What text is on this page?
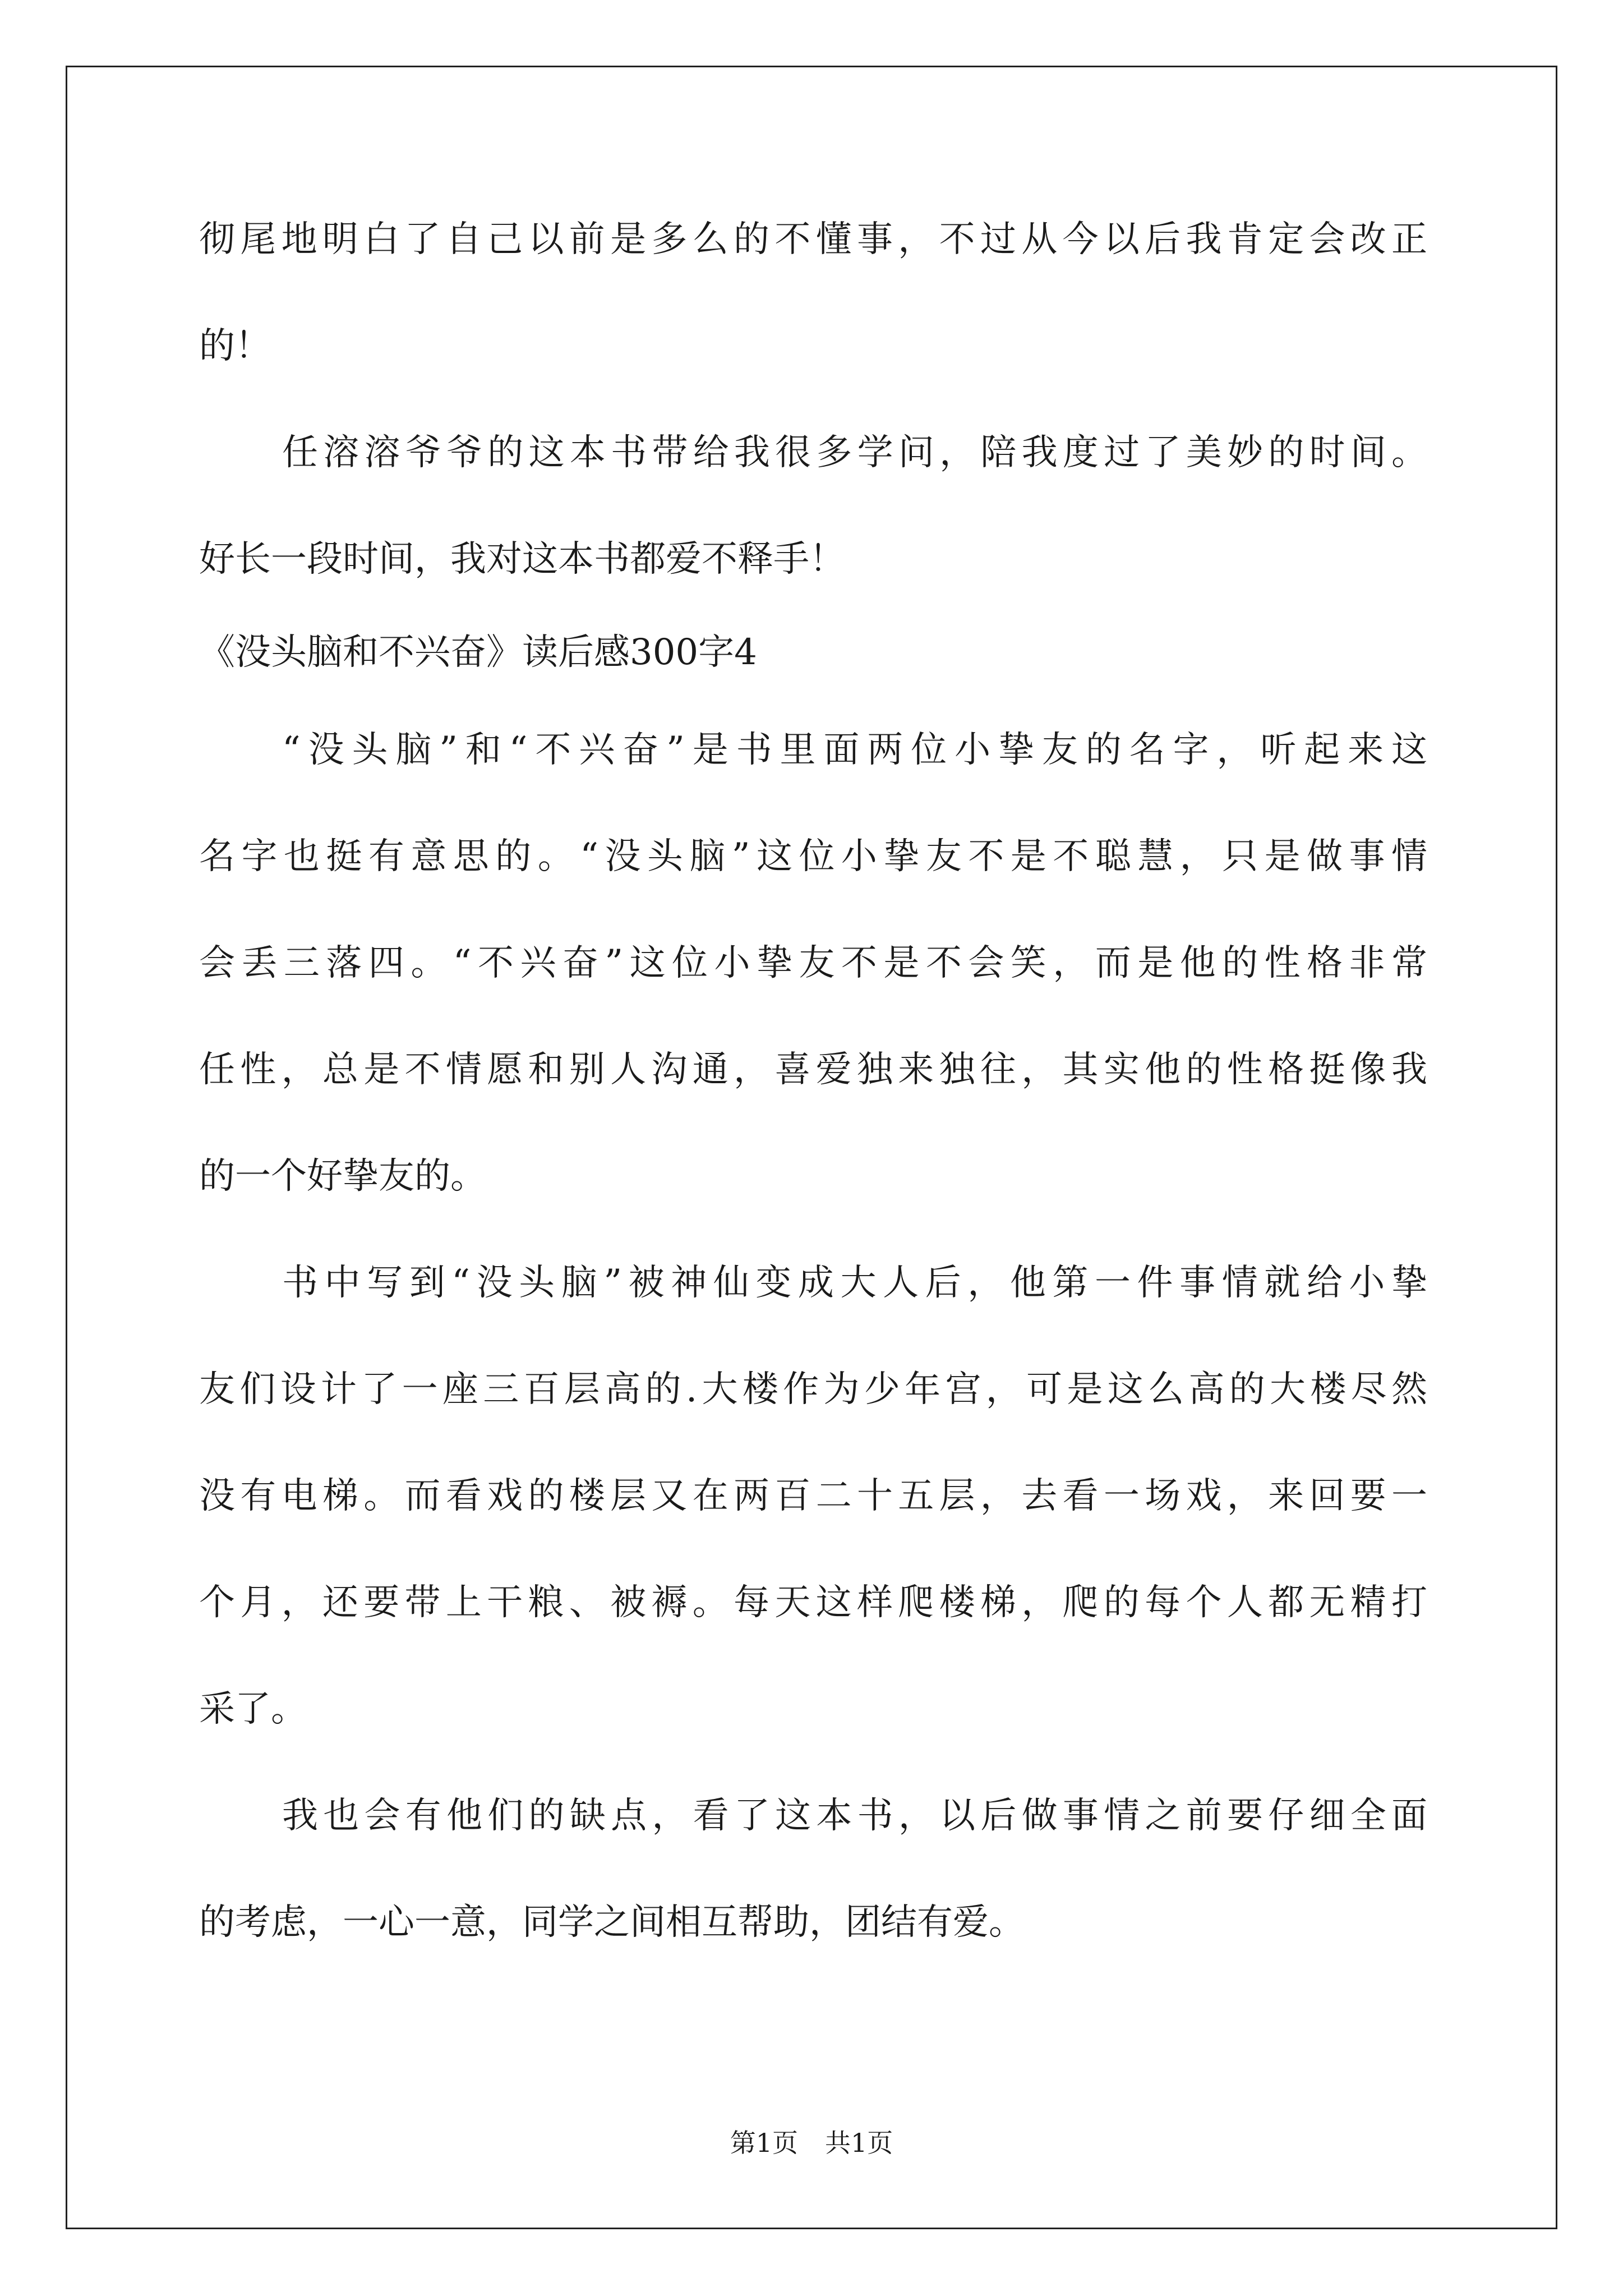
彻尾地明白了自己以前是多么的不懂事，不过从今以后我肯定会改正

的！

任溶溶爷爷的这本书带给我很多学问，陪我度过了美妙的时间。

好长一段时间，我对这本书都爱不释手！

《没头脑和不兴奋》读后感300字4

“没头脑”和“不兴奋”是书里面两位小挚友的名字，听起来这

名字也挺有意思的。“没头脑”这位小挚友不是不聪慧，只是做事情

会丢三落四。“不兴奋”这位小挚友不是不会笑，而是他的性格非常

任性，总是不情愿和别人沟通，喜爱独来独往，其实他的性格挺像我

的一个好挚友的。

书中写到“没头脑”被神仙变成大人后，他第一件事情就给小挚

友们设计了一座三百层高的.大楼作为少年宫，可是这么高的大楼尽然

没有电梯。而看戏的楼层又在两百二十五层，去看一场戏，来回要一

个月，还要带上干粮、被褥。每天这样爬楼梯，爬的每个人都无精打

采了。

我也会有他们的缺点，看了这本书，以后做事情之前要仔细全面

的考虑，一心一意，同学之间相互帮助，团结有爱。

第1页 共1页
